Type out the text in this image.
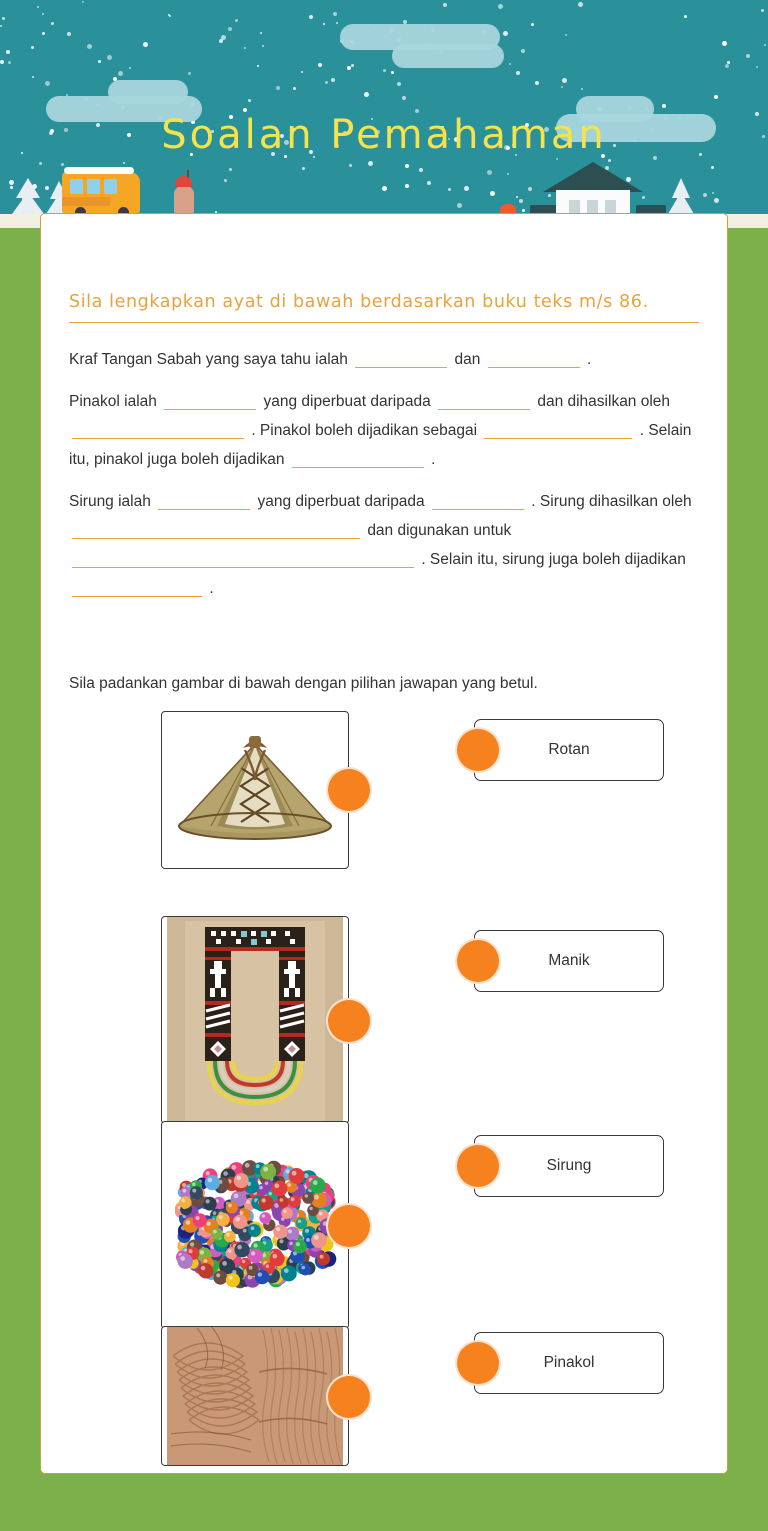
Soalan Pemahaman
Sila lengkapkan ayat di bawah berdasarkan buku teks m/s 86.
Kraf Tangan Sabah yang saya tahu ialah	dan	.
Pinakol ialah	yang diperbuat daripada	dan dihasilkan oleh  . Pinakol boleh dijadikan sebagai	. Selain itu, pinakol juga boleh dijadikan	.
Sirung ialah	yang diperbuat daripada	. Sirung dihasilkan oleh  dan digunakan untuk  . Selain itu, sirung juga boleh dijadikan  .
Sila padankan gambar di bawah dengan pilihan jawapan yang betul.
Rotan
Manik
Sirung
Pinakol
